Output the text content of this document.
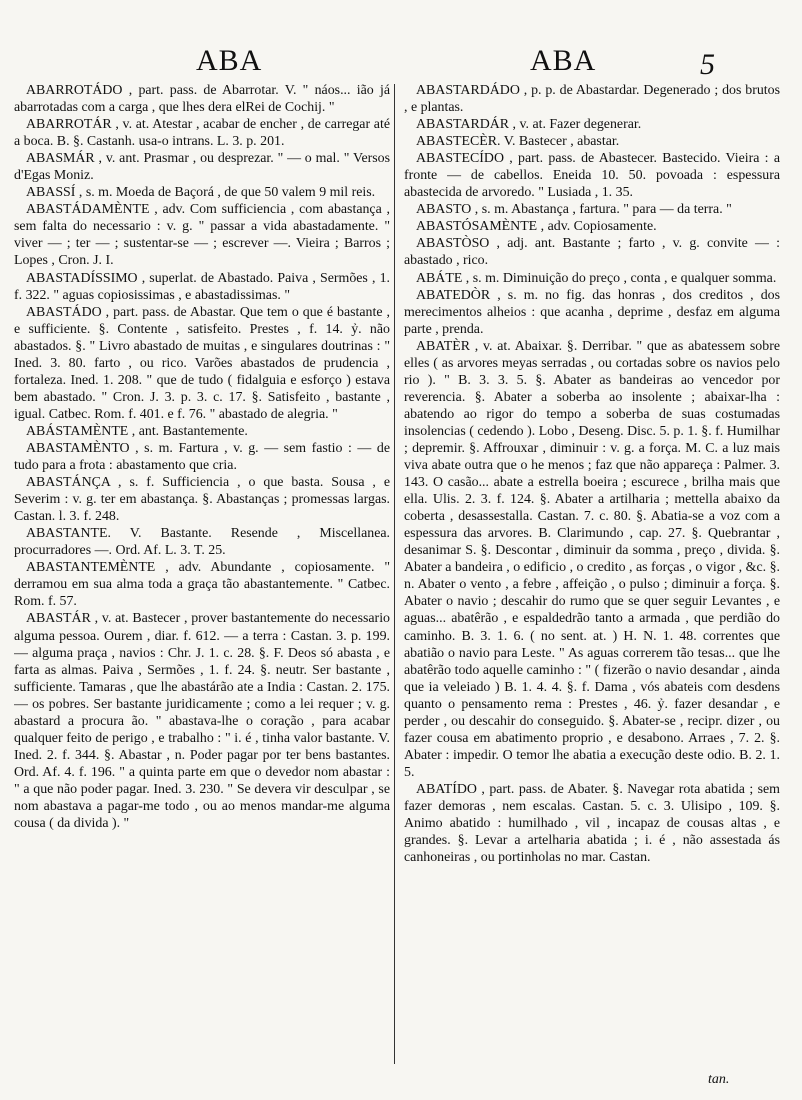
ABA	ABA	5

ABARROTÁDO , part. pass. de Abarrotar. V. " náos... ião já abarrotadas com a carga , que lhes dera elRei de Cochij. "

ABARROTÁR , v. at. Atestar , acabar de encher , de carregar até a boca. B. §. Castanh. usa-o intrans. L. 3. p. 201.

ABASMÁR , v. ant. Prasmar , ou desprezar. " — o mal. " Versos d'Egas Moniz.

ABASSÍ , s. m. Moeda de Baçorá , de que 50 valem 9 mil reis.

ABASTÁDAMÈNTE , adv. Com sufficiencia , com abastança , sem falta do necessario : v. g. " passar a vida abastadamente. " viver — ; ter — ; sustentar-se — ; escrever —. Vieira ; Barros ; Lopes , Cron. J. I.

ABASTADÍSSIMO , superlat. de Abastado. Paiva , Sermões , 1. f. 322. " aguas copiosissimas , e abastadissimas. "

ABASTÁDO , part. pass. de Abastar. Que tem o que é bastante , e sufficiente. §. Contente , satisfeito. Prestes , f. 14. ỷ. não abastados. §. " Livro abastado de muitas , e singulares doutrinas : " Ined. 3. 80. farto , ou rico. Varões abastados de prudencia , fortaleza. Ined. 1. 208. " que de tudo ( fidalguia e esforço ) estava bem abastado. " Cron. J. 3. p. 3. c. 17. §. Satisfeito , bastante , igual. Catbec. Rom. f. 401. e f. 76. " abastado de alegria. "

ABÁSTAMÈNTE , ant. Bastantemente.

ABASTAMÈNTO , s. m. Fartura , v. g. — sem fastio : — de tudo para a frota : abastamento que cria.

ABASTÁNÇA , s. f. Sufficiencia , o que basta. Sousa , e Severim : v. g. ter em abastança. §. Abastanças ; promessas largas. Castan. l. 3. f. 248.

ABASTANTE. V. Bastante. Resende , Miscellanea. procurradores —. Ord. Af. L. 3. T. 25.

ABASTANTEMÈNTE , adv. Abundante , copiosamente. " derramou em sua alma toda a graça tão abastantemente. " Catbec. Rom. f. 57.

ABASTÁR , v. at. Bastecer , prover bastantemente do necessario alguma pessoa. Ourem , diar. f. 612. — a terra : Castan. 3. p. 199. — alguma praça , navios : Chr. J. 1. c. 28. §. F. Deos só abasta , e farta as almas. Paiva , Sermões , 1. f. 24. §. neutr. Ser bastante , sufficiente. Tamaras , que lhe abastárão ate a India : Castan. 2. 175. — os pobres. Ser bastante juridicamente ; como a lei requer ; v. g. abastard a procura ão. " abastava-lhe o coração , para acabar qualquer feito de perigo , e trabalho : " i. é , tinha valor bastante. V. Ined. 2. f. 344. §. Abastar , n. Poder pagar por ter bens bastantes. Ord. Af. 4. f. 196. " a quinta parte em que o devedor nom abastar : " a que não poder pagar. Ined. 3. 230. " Se devera vir desculpar , se nom abastava a pagar-me todo , ou ao menos mandar-me alguma cousa ( da divida ). "

ABASTARDÁDO , p. p. de Abastardar. Degenerado ; dos brutos , e plantas.

ABASTARDÁR , v. at. Fazer degenerar.

ABASTECÈR. V. Bastecer , abastar.

ABASTECÍDO , part. pass. de Abastecer. Bastecido. Vieira : a fronte — de cabellos. Eneida 10. 50. povoada : espessura abastecida de arvoredo. " Lusiada , 1. 35.

ABASTO , s. m. Abastança , fartura. " para — da terra. "

ABASTÓSAMÈNTE , adv. Copiosamente.

ABASTÒSO , adj. ant. Bastante ; farto , v. g. convite — : abastado , rico.

ABÁTE , s. m. Diminuição do preço , conta , e qualquer somma.

ABATEDÒR , s. m. no fig. das honras , dos creditos , dos merecimentos alheios : que acanha , deprime , desfaz em alguma parte , prenda.

ABATÈR , v. at. Abaixar. §. Derribar. " que as abatessem sobre elles ( as arvores meyas serradas , ou cortadas sobre os navios pelo rio ). " B. 3. 3. 5. §. Abater as bandeiras ao vencedor por reverencia. §. Abater a soberba ao insolente ; abaixar-lha : abatendo ao rigor do tempo a soberba de suas costumadas insolencias ( cedendo ). Lobo , Deseng. Disc. 5. p. 1. §. f. Humilhar ; depremir. §. Affrouxar , diminuir : v. g. a força. M. C. a luz mais viva abate outra que o he menos ; faz que não appareça : Palmer. 3. 143. O casão... abate a estrella boeira ; escurece , brilha mais que ella. Ulis. 2. 3. f. 124. §. Abater a artilharia ; mettella abaixo da coberta , desassestalla. Castan. 7. c. 80. §. Abatia-se a voz com a espessura das arvores. B. Clarimundo , cap. 27. §. Quebrantar , desanimar S. §. Descontar , diminuir da somma , preço , divida. §. Abater a bandeira , o edificio , o credito , as forças , o vigor , &c. §. n. Abater o vento , a febre , affeição , o pulso ; diminuir a força. §. Abater o navio ; descahir do rumo que se quer seguir Levantes , e aguas... abatêrão , e espaldedrão tanto a armada , que perdião do caminho. B. 3. 1. 6. ( no sent. at. ) H. N. 1. 48. correntes que abatião o navio para Leste. " As aguas correrem tão tesas... que lhe abatêrão todo aquelle caminho : " ( fizerão o navio desandar , ainda que ia veleiado ) B. 1. 4. 4. §. f. Dama , vós abateis com desdens quanto o pensamento rema : Prestes , 46. ỷ. fazer desandar , e perder , ou descahir do conseguido. §. Abater-se , recipr. dizer , ou fazer cousa em abatimento proprio , e desabono. Arraes , 7. 2. §. Abater : impedir. O temor lhe abatia a execução deste odio. B. 2. 1. 5.

ABATÍDO , part. pass. de Abater. §. Navegar rota abatida ; sem fazer demoras , nem escalas. Castan. 5. c. 3. Ulisipo , 109. §. Animo abatido : humilhado , vil , incapaz de cousas altas , e grandes. §. Levar a artelharia abatida ; i. é , não assestada ás canhoneiras , ou portinholas no mar. Castan.

tan.
